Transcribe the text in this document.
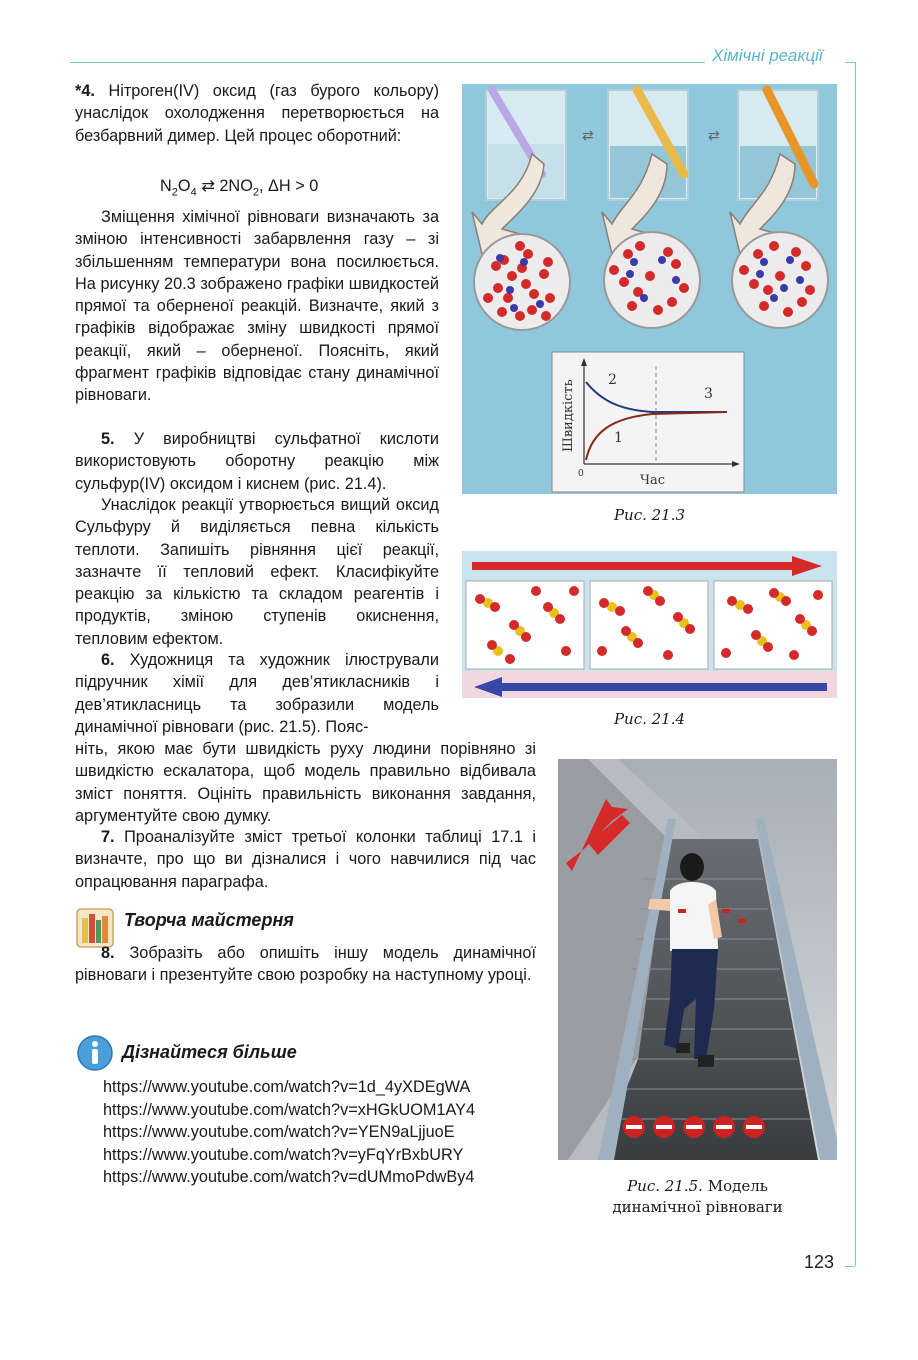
Хімічні реакції
123

*4. Нітроген(IV) оксид (газ бурого кольору) унаслідок охолодження перетворюється на безбарвний димер. Цей процес оборотний:

$N_2O_4$ ⇄ $2NO_2$, ΔH > 0

Зміщення хімічної рівноваги визначають за зміною інтенсивності забарвлення газу – зі збільшенням температури вона посилюється. На рисунку 20.3 зображено графіки швидкостей прямої та оберненої реакцій. Визначте, який з графіків відображає зміну швидкості прямої реакції, який – оберненої. Поясніть, який фрагмент графіків відповідає стану динамічної рівноваги.

5. У виробництві сульфатної кислоти використовують оборотну реакцію між сульфур(IV) оксидом і киснем (рис. 21.4).

Унаслідок реакції утворюється вищий оксид Сульфуру й виділяється певна кількість теплоти. Запишіть рівняння цієї реакції, зазначте її тепловий ефект. Класифікуйте реакцію за кількістю та складом реагентів і продуктів, зміною ступенів окиснення, тепловим ефектом.

6. Художниця та художник ілюстрували підручник хімії для дев’ятикласників і дев’ятикласниць та зобразили модель динамічної рівноваги (рис. 21.5). Пояс-

ніть, якою має бути швидкість руху людини порівняно зі швидкістю ескалатора, щоб модель правильно відбивала зміст поняття. Оцініть правильність виконання завдання, аргументуйте свою думку.

7. Проаналізуйте зміст третьої колонки таблиці 17.1 і визначте, про що ви дізналися і чого навчилися під час опрацювання параграфа.

Творча майстерня

8. Зобразіть або опишіть іншу модель динамічної рівноваги і презентуйте свою розробку на наступному уроці.

Дізнайтеся більше
https://www.youtube.com/watch?v=1d_4yXDEgWA
https://www.youtube.com/watch?v=xHGkUOM1AY4
https://www.youtube.com/watch?v=YEN9aLjjuoE
https://www.youtube.com/watch?v=yFqYrBxbURY
https://www.youtube.com/watch?v=dUMmoPdwBy4
⇄	⇄
Швидкість
Час
0
1
2
3
Рис. 21.3
Рис. 21.4
Рис. 21.5. Модель
динамічної рівноваги
